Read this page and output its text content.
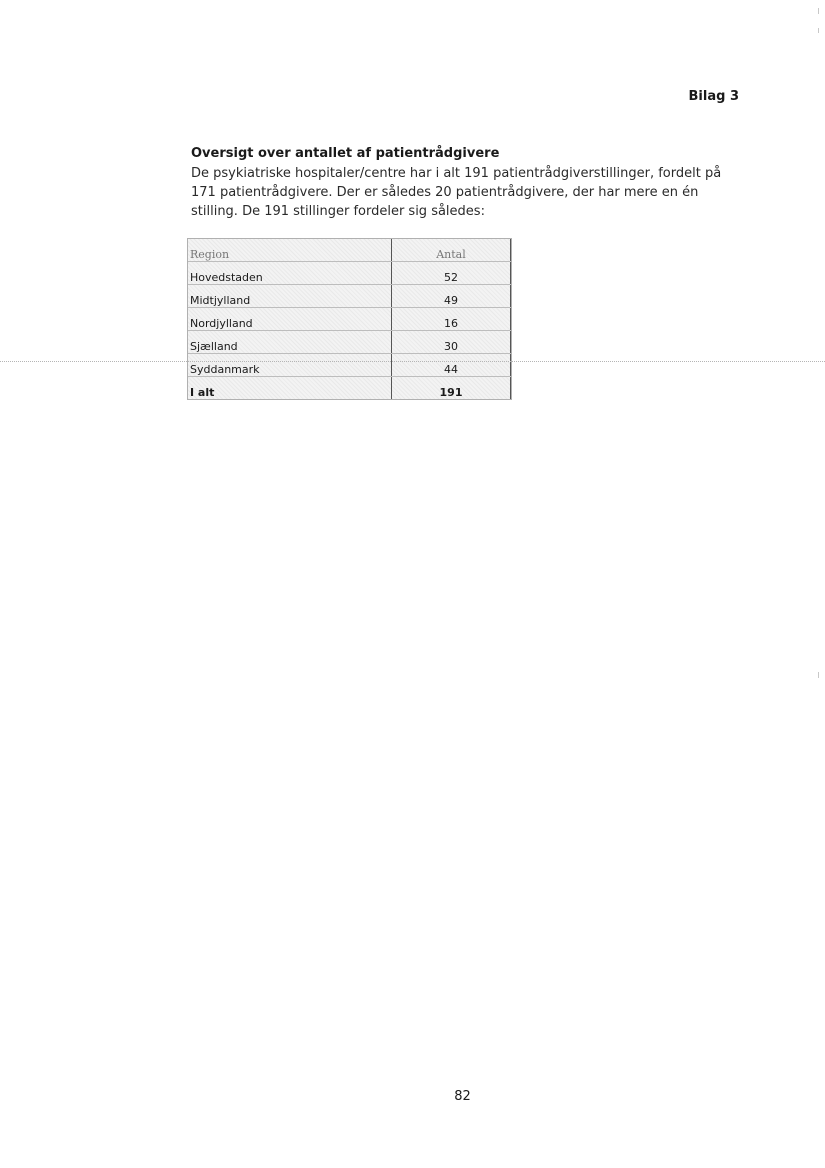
Bilag 3
Oversigt over antallet af patientrådgivere

De psykiatriske hospitaler/centre har i alt 191 patientrådgiverstillinger, fordelt på 171 patientrådgivere. Der er således 20 patientrådgivere, der har mere en én stilling. De 191 stillinger fordeler sig således:

Region	Antal
Hovedstaden	52
Midtjylland	49
Nordjylland	16
Sjælland	30
Syddanmark	44
I alt	191
82
